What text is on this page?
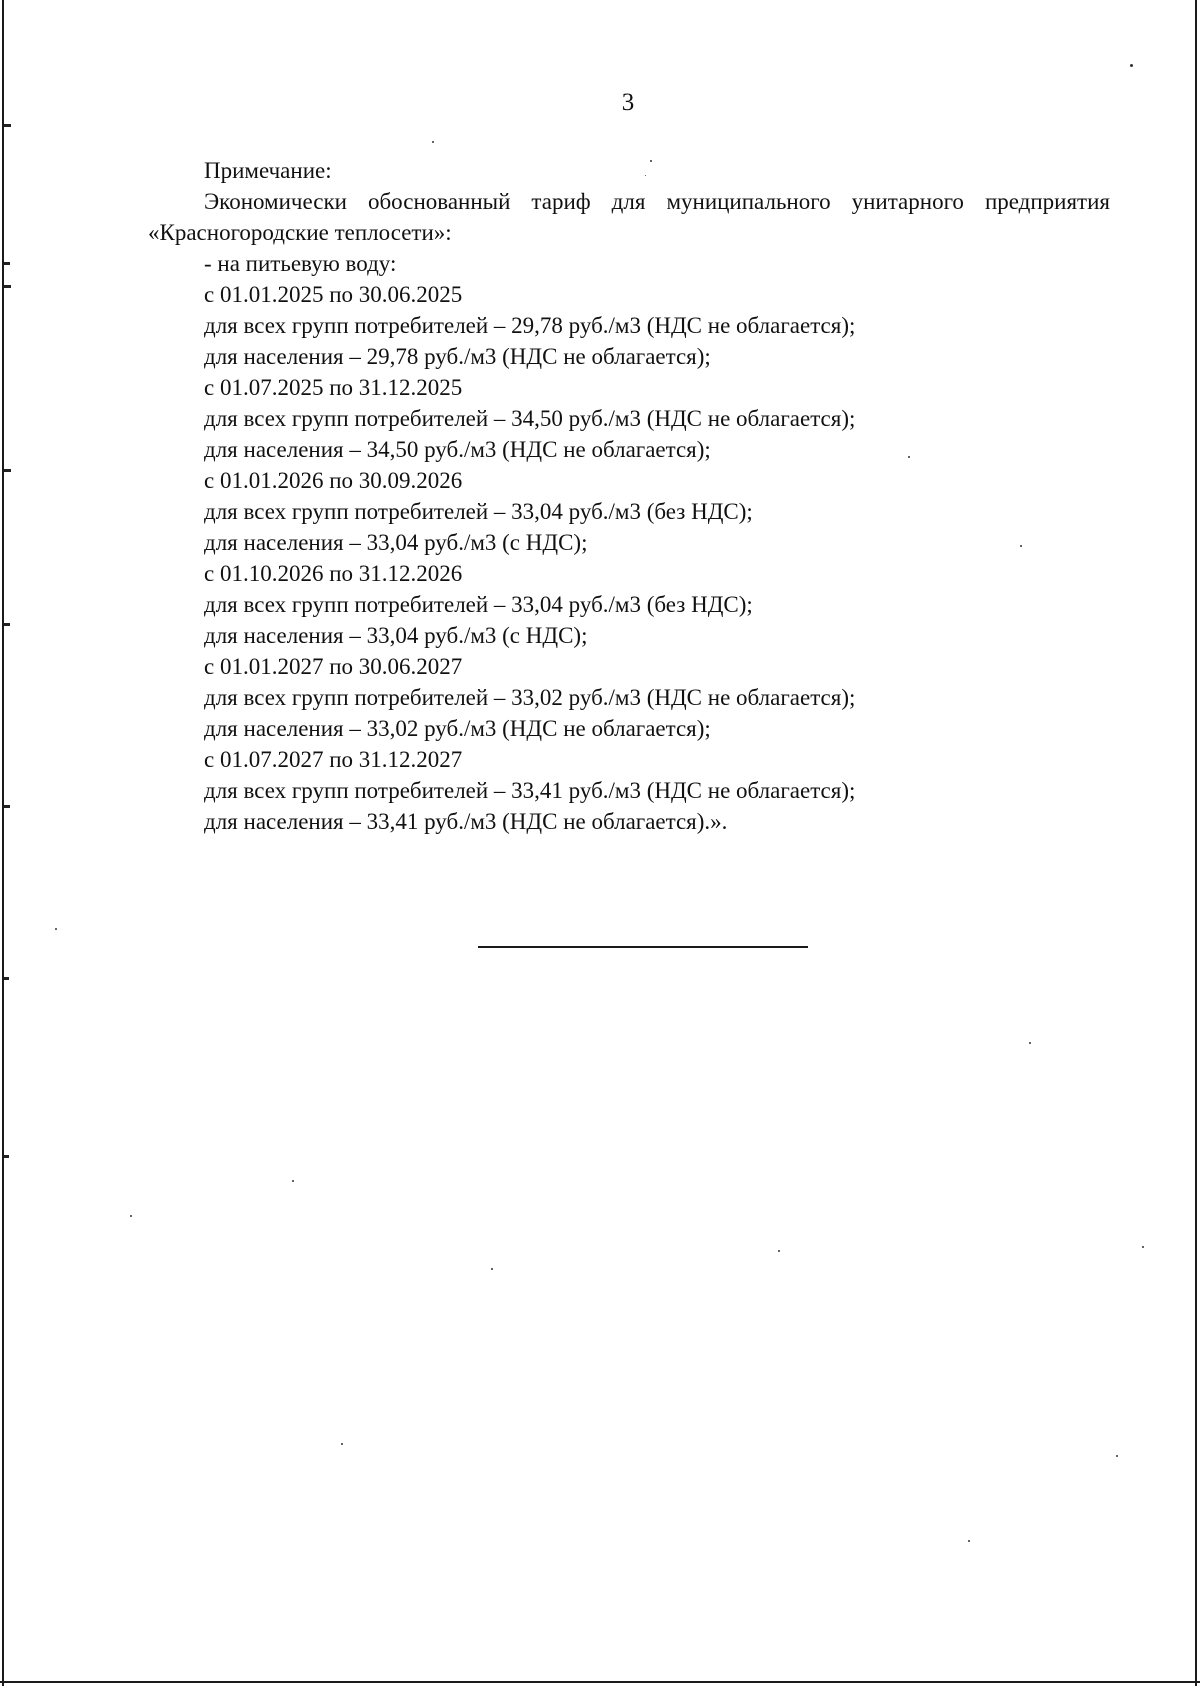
3
Примечание:
Экономически обоснованный тариф для муниципального унитарного предприятия «Красногородские теплосети»:
- на питьевую воду:
с 01.01.2025 по 30.06.2025
для всех групп потребителей – 29,78 руб./м3 (НДС не облагается);
для населения – 29,78 руб./м3 (НДС не облагается);
с 01.07.2025 по 31.12.2025
для всех групп потребителей – 34,50 руб./м3 (НДС не облагается);
для населения – 34,50 руб./м3 (НДС не облагается);
с 01.01.2026 по 30.09.2026
для всех групп потребителей – 33,04 руб./м3 (без НДС);
для населения – 33,04 руб./м3 (с НДС);
с 01.10.2026 по 31.12.2026
для всех групп потребителей – 33,04 руб./м3 (без НДС);
для населения – 33,04 руб./м3 (с НДС);
с 01.01.2027 по 30.06.2027
для всех групп потребителей – 33,02 руб./м3 (НДС не облагается);
для населения – 33,02 руб./м3 (НДС не облагается);
с 01.07.2027 по 31.12.2027
для всех групп потребителей – 33,41 руб./м3 (НДС не облагается);
для населения – 33,41 руб./м3 (НДС не облагается).».
